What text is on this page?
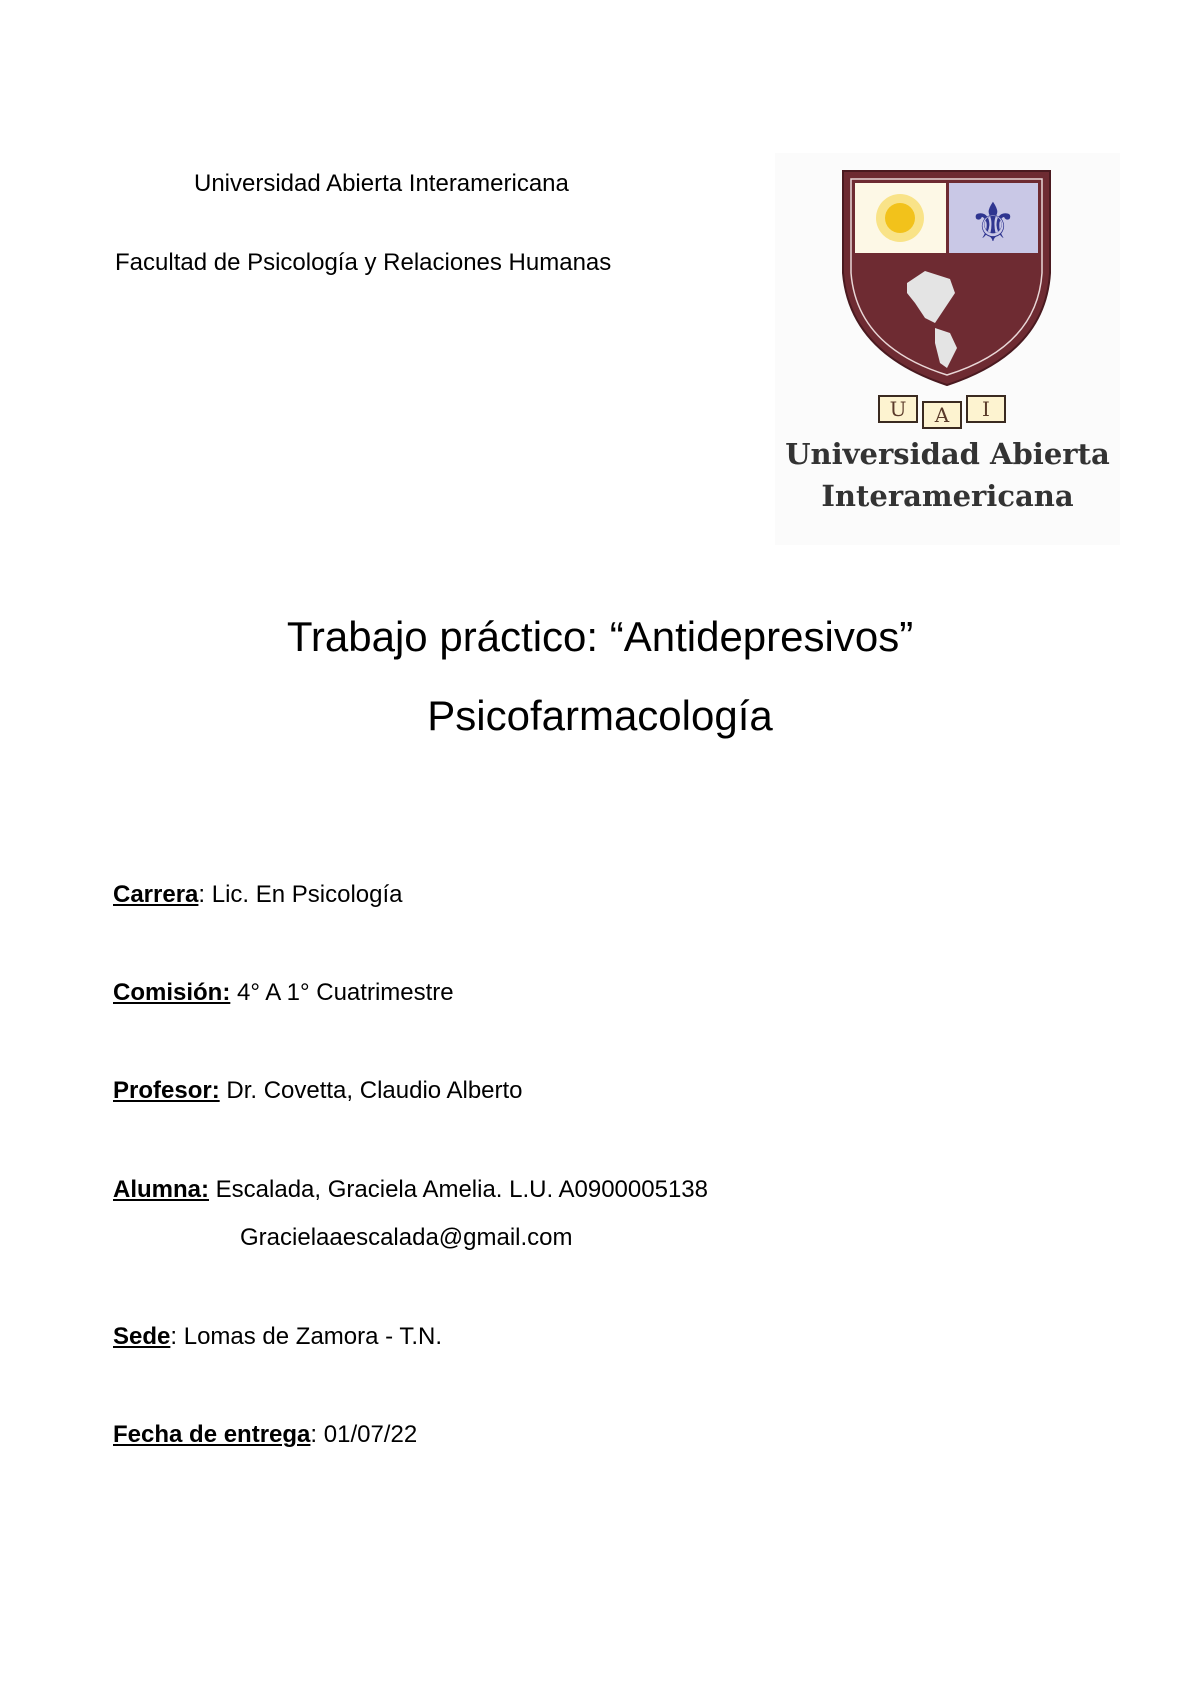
Universidad Abierta Interamericana
Facultad de Psicología y Relaciones Humanas
⚜
U	A	I
Universidad Abierta
Interamericana
Trabajo práctico: “Antidepresivos”
Psicofarmacología
Carrera: Lic. En Psicología
Comisión: 4° A 1° Cuatrimestre
Profesor: Dr. Covetta, Claudio Alberto
Alumna: Escalada, Graciela Amelia. L.U. A0900005138
Gracielaaescalada@gmail.com
Sede: Lomas de Zamora - T.N.
Fecha de entrega: 01/07/22
